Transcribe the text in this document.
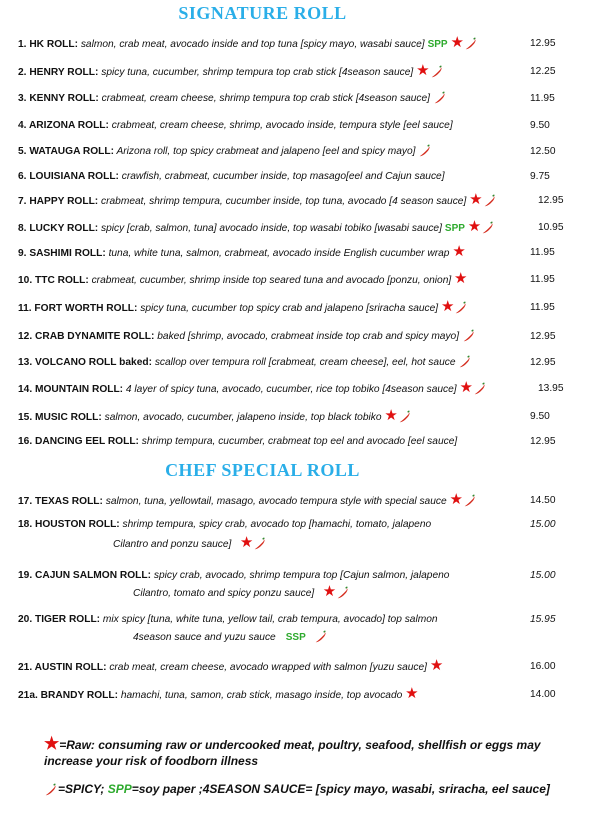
SIGNATURE ROLL
1. HK ROLL: salmon, crab meat, avocado inside and top tuna [spicy mayo, wasabi sauce] SPP ★	12.95
2. HENRY ROLL: spicy tuna, cucumber, shrimp tempura top crab stick [4season sauce] ★	12.25
3. KENNY ROLL: crabmeat, cream cheese, shrimp tempura top crab stick [4season sauce]	11.95
4. ARIZONA ROLL: crabmeat, cream cheese, shrimp, avocado inside, tempura style [eel sauce]	9.50
5. WATAUGA ROLL: Arizona roll, top spicy crabmeat and jalapeno [eel and spicy mayo]	12.50
6. LOUISIANA ROLL: crawfish, crabmeat, cucumber inside, top masago[eel and Cajun sauce]	9.75
7. HAPPY ROLL: crabmeat, shrimp tempura, cucumber inside, top tuna, avocado [4 season sauce] ★	12.95
8. LUCKY ROLL: spicy [crab, salmon, tuna] avocado inside, top wasabi tobiko [wasabi sauce] SPP ★	10.95
9. SASHIMI ROLL: tuna, white tuna, salmon, crabmeat, avocado inside English cucumber wrap ★	11.95
10. TTC ROLL: crabmeat, cucumber, shrimp inside top seared tuna and avocado [ponzu, onion] ★	11.95
11. FORT WORTH ROLL: spicy tuna, cucumber top spicy crab and jalapeno [sriracha sauce] ★	11.95
12. CRAB DYNAMITE ROLL: baked [shrimp, avocado, crabmeat inside top crab and spicy mayo]	12.95
13. VOLCANO ROLL baked: scallop over tempura roll [crabmeat, cream cheese], eel, hot sauce	12.95
14. MOUNTAIN ROLL: 4 layer of spicy tuna, avocado, cucumber, rice top tobiko [4season sauce] ★	13.95
15. MUSIC ROLL: salmon, avocado, cucumber, jalapeno inside, top black tobiko ★	9.50
16. DANCING EEL ROLL: shrimp tempura, cucumber, crabmeat top eel and avocado [eel sauce]	12.95
CHEF SPECIAL ROLL
17. TEXAS ROLL: salmon, tuna, yellowtail, masago, avocado tempura style with special sauce ★	14.50
18. HOUSTON ROLL: shrimp tempura, spicy crab, avocado top [hamachi, tomato, jalapeno	15.00
Cilantro and ponzu sauce] ★
19. CAJUN SALMON ROLL: spicy crab, avocado, shrimp tempura top [Cajun salmon, jalapeno	15.00
Cilantro, tomato and spicy ponzu sauce] ★
20. TIGER ROLL: mix spicy [tuna, white tuna, yellow tail, crab tempura, avocado] top salmon	15.95
4season sauce and yuzu sauce SSP
21. AUSTIN ROLL: crab meat, cream cheese, avocado wrapped with salmon [yuzu sauce] ★	16.00
21a. BRANDY ROLL: hamachi, tuna, samon, crab stick, masago inside, top avocado ★	14.00
★=Raw: consuming raw or undercooked meat, poultry, seafood, shellfish or eggs may
increase your risk of foodborn illness
=SPICY; SPP=soy paper ;4SEASON SAUCE= [spicy mayo, wasabi, sriracha, eel sauce]
